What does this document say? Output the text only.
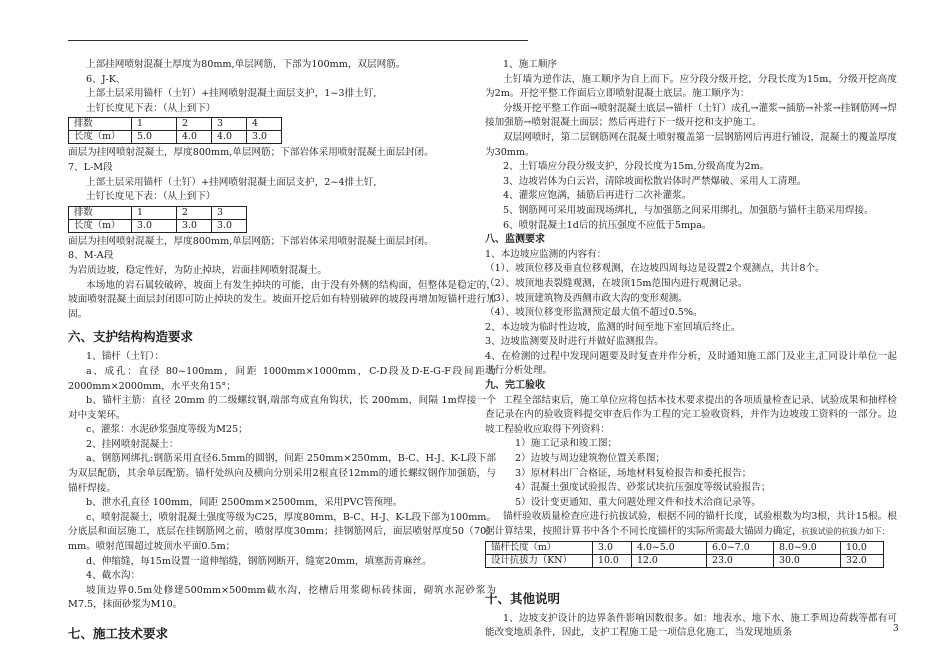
上部挂网喷射混凝土厚度为80mm,单层网筋，下部为100mm，双层网筋。

6、J-K、

上部土层采用锚杆（土钉）+挂网喷射混凝土面层支护，1~3排土钉,

土钉长度见下表：（从上到下）

排数	1	2	3	4
长度（m）	5.0	4.0	4.0	3.0

面层为挂网喷射混凝土，厚度800mm,单层网筋；下部岩体采用喷射混凝土面层封闭。

7、L-M段

上部土层采用锚杆（土钉）+挂网喷射混凝土面层支护，2~4排土钉,

土钉长度见下表：（从上到下）

排数	1	2	3
长度（m）	3.0	3.0	3.0

面层为挂网喷射混凝土，厚度800mm,单层网筋；下部岩体采用喷射混凝土面层封闭。

8、M-A段

为岩质边坡，稳定性好，为防止掉块，岩面挂网喷射混凝土。

本场地的岩石属较破碎，坡面上有发生掉块的可能，由于没有外侧的结构面，但整体是稳定的，坡面喷射混凝土面层封闭即可防止掉块的发生。坡面开挖后如有特别破碎的坡段再增加短锚杆进行加固。

六、支护结构构造要求

1、锚杆（土钉）：

a、成孔：直径 80~100mm，间距 1000mm×1000mm，C-D段及D-E-G-F段间距为2000mm×2000mm，水平夹角15°；

b、锚杆主筋：直径 20mm 的二级螺纹钢,端部弯成直角钩状，长 200mm，间隔 1m焊接一个对中支架环。

c、灌浆：水泥砂浆强度等级为M25；

2、挂网喷射混凝土：

a、钢筋网绑扎:钢筋采用直径6.5mm的圆钢，间距 250mm×250mm，B-C、H-J、K-L段下部为双层配筋，其余单层配筋。锚杆处纵向及横向分别采用2根直径12mm的通长螺纹钢作加强筋，与锚杆焊接。

b、泄水孔直径 100mm，间距 2500mm×2500mm，采用PVC管预埋。

c、喷射混凝土，喷射混凝土强度等级为C25，厚度80mm，B-C、H-J、K-L段下部为100mm。分底层和面层施工，底层在挂钢筋网之前，喷射厚度30mm；挂钢筋网后，面层喷射厚度50（70）mm。喷射范围超过坡顶水平面0.5m；

d、伸缩缝，每15m设置一道伸缩缝，钢筋网断开，缝宽20mm，填塞沥青麻丝。

4、截水沟：

坡顶边界0.5m处修建500mm×500mm截水沟，挖槽后用浆砌标砖抹面，砌筑水泥砂浆为M7.5，抹面砂浆为M10。

七、施工技术要求

1、施工顺序

土钉墙为逆作法，施工顺序为自上而下。应分段分级开挖，分段长度为15m，分级开挖高度为2m。开挖平整工作面后立即喷射混凝土底层。施工顺序为：

分级开挖平整工作面→喷射混凝土底层→锚杆（土钉）成孔→灌浆→插筋→补浆→挂钢筋网→焊接加强筋→喷射混凝土面层；然后再进行下一级开挖和支护施工。

双层网喷时，第二层钢筋网在混凝土喷射覆盖第一层钢筋网后再进行铺设，混凝土的覆盖厚度为30mm。

2、土钉墙应分段分级支护，分段长度为15m,分级高度为2m。

3、边坡岩体为白云岩，清除坡面松散岩体时严禁爆破、采用人工清理。

4、灌浆应饱满，插筋后再进行二次补灌浆。

5、钢筋网可采用坡面现场绑扎，与加强筋之间采用绑扎，加强筋与锚杆主筋采用焊接。

6、喷射混凝土1d后的抗压强度不应低于5mpa。

八、监测要求

1、本边坡应监测的内容有：

（1）、坡顶位移及垂直位移观测，在边坡四周每边是设置2个观测点，共计8个。

（2）、坡顶地表裂缝观测，在坡顶15m范围内进行观测记录。

（3）、坡顶建筑物及西侧市政大沟的变形观测。

（4）、坡顶位移变形监测预定最大值不超过0.5%。

2、本边坡为临时性边坡，监测的时间至地下室回填后终止。

3、边坡监测要及时进行并做好监测报告。

4、在检测的过程中发现问题要及时复查并作分析，及时通知施工部门及业主,汇同设计单位一起进行分析处理。

九、完工验收

工程全部结束后，施工单位应将包括本技术要求提出的各项质量检查记录、试验成果和抽样检查记录在内的验收资料提交审查后作为工程的完工验收资料，并作为边坡竣工资料的一部分。边坡工程验收应取得下列资料：

1）施工记录和竣工图；

2）边坡与周边建筑物位置关系图；

3）原材料出厂合格证，场地材料复检报告和委托报告；

4）混凝土强度试验报告、砂浆试块抗压强度等级试验报告；

5）设计变更通知、重大问题处理文件和技术洽商记录等。

锚杆验收质量检查应进行抗拔试验，根据不同的锚杆长度，试验根数为均3根，共计15根。根据计算结果，按照计算书中各个不同长度锚杆的实际所需最大锚固力确定，抗拔试验的抗拔力如下：

锚杆长度（m）	3.0	4.0~5.0	6.0~7.0	8.0~9.0	10.0
设计抗拔力（KN）	10.0	12.0	23.0	30.0	32.0
十、其他说明

1、边坡支护设计的边界条件影响因数很多。如：地表水、地下水、施工季周边荷载等都有可能改变地质条件，因此，支护工程施工是一项信息化施工，当发现地质条	3
